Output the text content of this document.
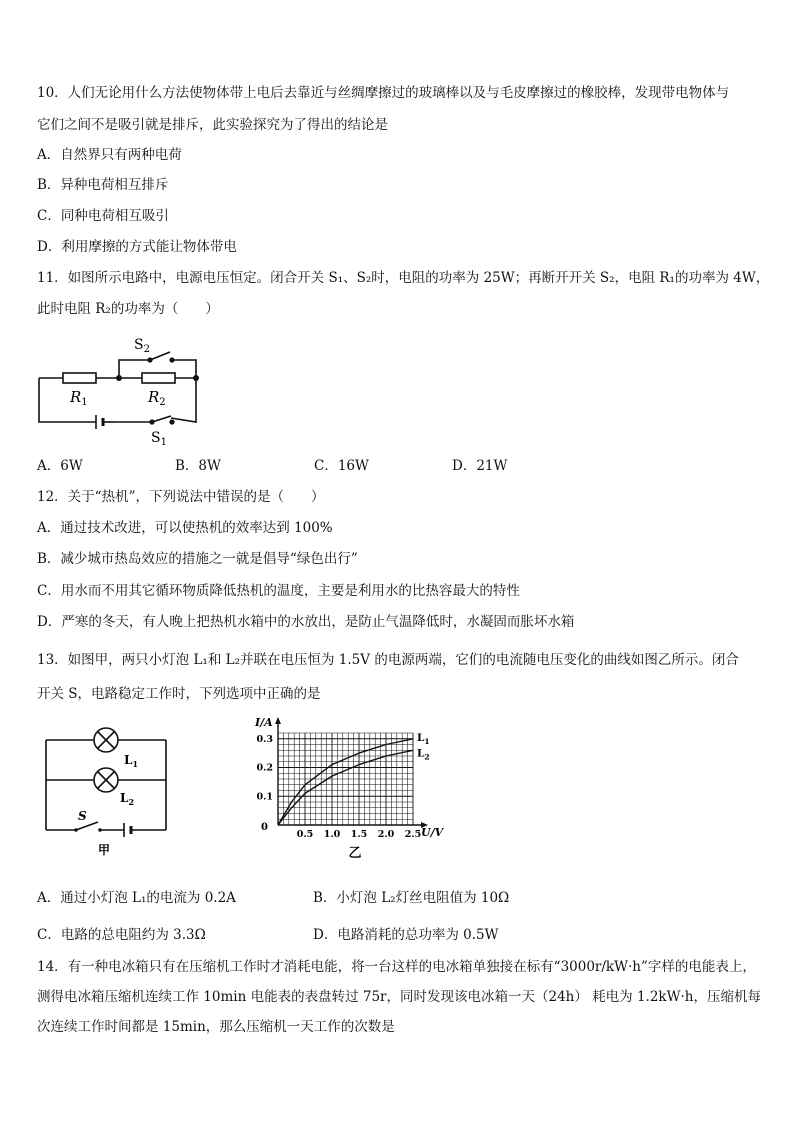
10．人们无论用什么方法使物体带上电后去靠近与丝绸摩擦过的玻璃棒以及与毛皮摩擦过的橡胶棒，发现带电物体与
它们之间不是吸引就是排斥，此实验探究为了得出的结论是
A．自然界只有两种电荷
B．异种电荷相互排斥
C．同种电荷相互吸引
D．利用摩擦的方式能让物体带电
11．如图所示电路中，电源电压恒定。闭合开关 S₁、S₂时，电阻的功率为 25W；再断开开关 S₂，电阻 R₁的功率为 4W，
此时电阻 R₂的功率为（　　）
$S_2$
$R_1$	$R_2$
$S_1$
A．6W	B．8W	C．16W	D．21W
12．关于“热机”，下列说法中错误的是（　　）
A．通过技术改进，可以使热机的效率达到 100%
B．减少城市热岛效应的措施之一就是倡导“绿色出行”
C．用水而不用其它循环物质降低热机的温度，主要是利用水的比热容最大的特性
D．严寒的冬天，有人晚上把热机水箱中的水放出，是防止气温降低时，水凝固而胀坏水箱
13．如图甲，两只小灯泡 L₁和 L₂并联在电压恒为 1.5V 的电源两端，它们的电流随电压变化的曲线如图乙所示。闭合
开关 S，电路稳定工作时，下列选项中正确的是
$L_1$
$L_2$
S
甲
0.5 1.0 1.5 2.0 2.5
0.1
0.2
0.3	$L_1$
$L_2$
I/A
U/V
0
乙
A．通过小灯泡 L₁的电流为 0.2A	B．小灯泡 L₂灯丝电阻值为 10Ω
C．电路的总电阻约为 3.3Ω	D．电路消耗的总功率为 0.5W
14．有一种电冰箱只有在压缩机工作时才消耗电能，将一台这样的电冰箱单独接在标有“3000r/kW·h”字样的电能表上，
测得电冰箱压缩机连续工作 10min 电能表的表盘转过 75r，同时发现该电冰箱一天（24h） 耗电为 1.2kW·h，压缩机每
次连续工作时间都是 15min，那么压缩机一天工作的次数是
